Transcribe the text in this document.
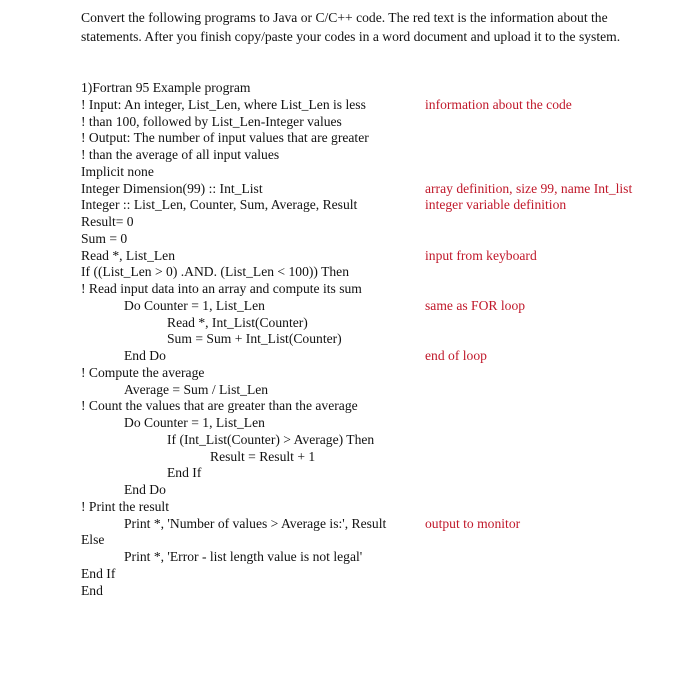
Convert the following programs to Java or C/C++ code. The red text is the information about the statements. After you finish copy/paste your codes in a word document and upload it to the system.
1)Fortran 95 Example program
! Input: An integer, List_Len, where List_Len is less
! than 100, followed by List_Len-Integer values
! Output: The number of input values that are greater
! than the average of all input values
Implicit none
Integer Dimension(99) :: Int_List
Integer :: List_Len, Counter, Sum, Average, Result
Result= 0
Sum = 0
Read *, List_Len
If ((List_Len > 0) .AND. (List_Len < 100)) Then
! Read input data into an array and compute its sum
Do Counter = 1, List_Len
Read *, Int_List(Counter)
Sum = Sum + Int_List(Counter)
End Do
! Compute the average
Average = Sum / List_Len
! Count the values that are greater than the average
Do Counter = 1, List_Len
If (Int_List(Counter) > Average) Then
Result = Result + 1
End If
End Do
! Print the result
Print *, 'Number of values > Average is:', Result
Else
Print *, 'Error - list length value is not legal'
End If
End
information about the code
array definition, size 99, name Int_list
integer variable definition
input from keyboard
same as FOR loop
end of loop
output to monitor
